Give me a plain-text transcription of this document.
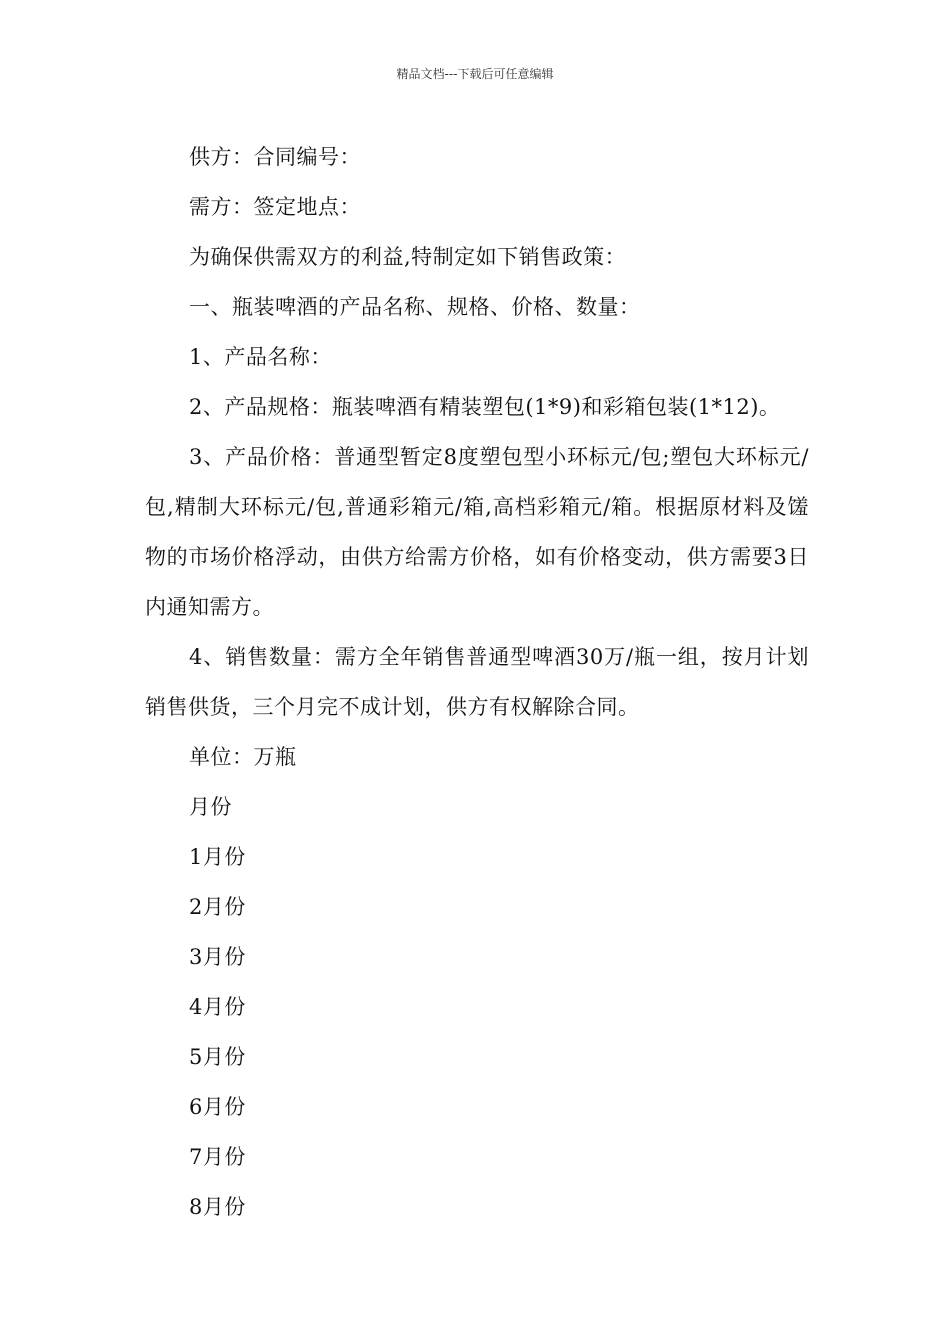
精品文档---下载后可任意编辑

供方：合同编号：

需方：签定地点：

为确保供需双方的利益,特制定如下销售政策：

一、瓶装啤酒的产品名称、规格、价格、数量：

1、产品名称：

2、产品规格：瓶装啤酒有精装塑包(1*9)和彩箱包装(1*12)。

3、产品价格：普通型暂定8度塑包型小环标元/包;塑包大环标元/包,精制大环标元/包,普通彩箱元/箱,高档彩箱元/箱。根据原材料及馐物的市场价格浮动，由供方给需方价格，如有价格变动，供方需要3日内通知需方。

4、销售数量：需方全年销售普通型啤酒30万/瓶一组，按月计划销售供货，三个月完不成计划，供方有权解除合同。

单位：万瓶

月份

1月份

2月份

3月份

4月份

5月份

6月份

7月份

8月份
